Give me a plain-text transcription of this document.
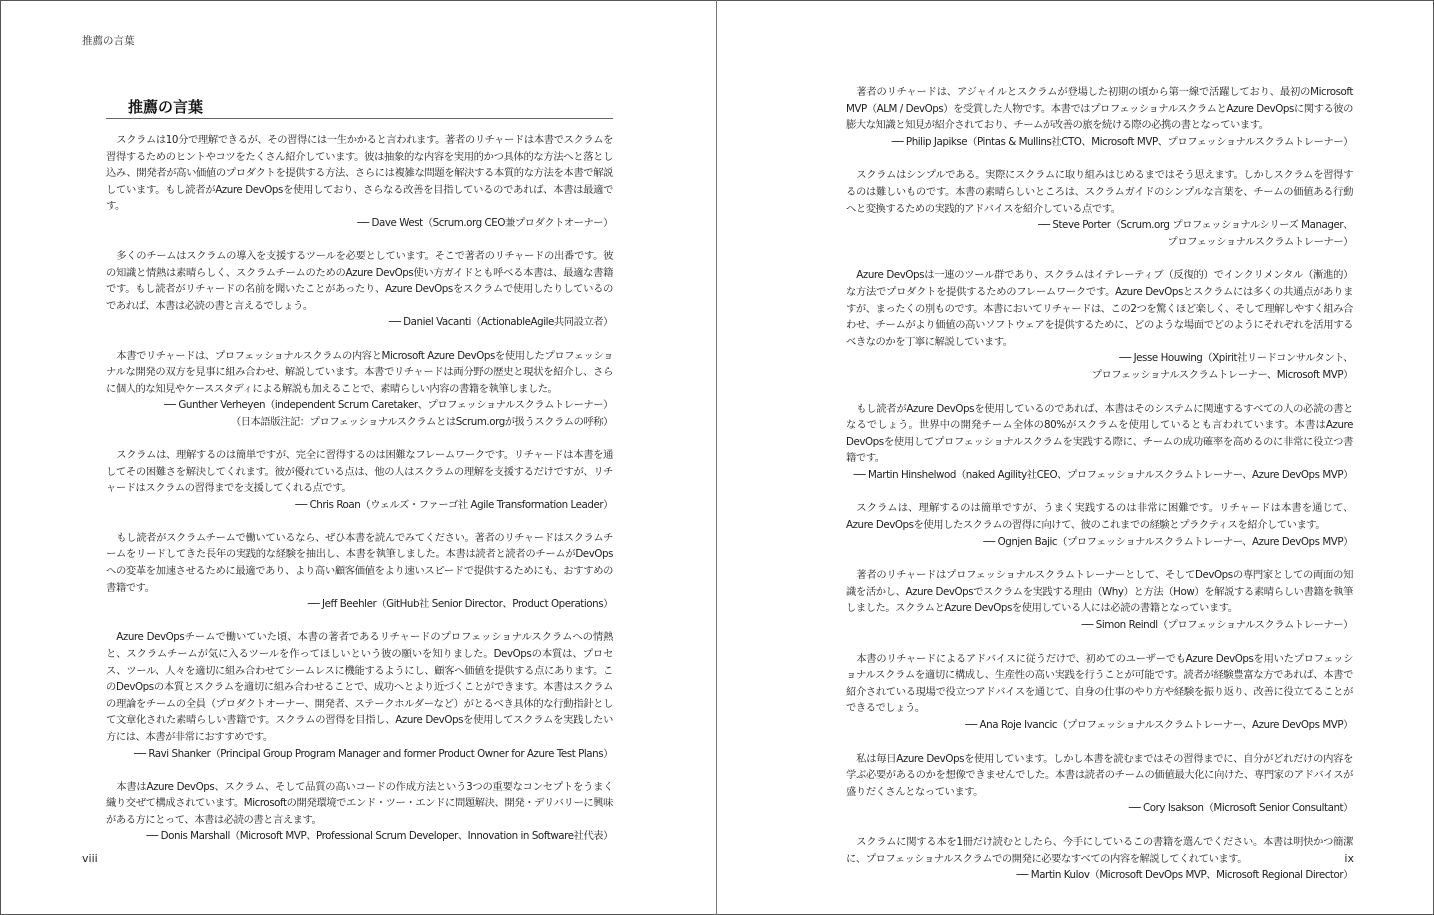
推薦の言葉
推薦の言葉

スクラムは10分で理解できるが、その習得には一生かかると言われます。著者のリチャードは本書でスクラムを習得するためのヒントやコツをたくさん紹介しています。彼は抽象的な内容を実用的かつ具体的な方法へと落とし込み、開発者が高い価値のプロダクトを提供する方法、さらには複雑な問題を解決する本質的な方法を本書で解説しています。もし読者がAzure DevOpsを使用しており、さらなる改善を目指しているのであれば、本書は最適です。

── Dave West（Scrum.org CEO兼プロダクトオーナー）

多くのチームはスクラムの導入を支援するツールを必要としています。そこで著者のリチャードの出番です。彼の知識と情熱は素晴らしく、スクラムチームのためのAzure DevOps使い方ガイドとも呼べる本書は、最適な書籍です。もし読者がリチャードの名前を聞いたことがあったり、Azure DevOpsをスクラムで使用したりしているのであれば、本書は必読の書と言えるでしょう。

── Daniel Vacanti（ActionableAgile共同設立者）

本書でリチャードは、プロフェッショナルスクラムの内容とMicrosoft Azure DevOpsを使用したプロフェッショナルな開発の双方を見事に組み合わせ、解説しています。本書でリチャードは両分野の歴史と現状を紹介し、さらに個人的な知見やケーススタディによる解説も加えることで、素晴らしい内容の書籍を執筆しました。

── Gunther Verheyen（independent Scrum Caretaker、プロフェッショナルスクラムトレーナー）

（日本語版注記：プロフェッショナルスクラムとはScrum.orgが扱うスクラムの呼称）

スクラムは、理解するのは簡単ですが、完全に習得するのは困難なフレームワークです。リチャードは本書を通してその困難さを解決してくれます。彼が優れている点は、他の人はスクラムの理解を支援するだけですが、リチャードはスクラムの習得までを支援してくれる点です。

── Chris Roan（ウェルズ・ファーゴ社 Agile Transformation Leader）

もし読者がスクラムチームで働いているなら、ぜひ本書を読んでみてください。著者のリチャードはスクラムチームをリードしてきた長年の実践的な経験を抽出し、本書を執筆しました。本書は読者と読者のチームがDevOpsへの変革を加速させるために最適であり、より高い顧客価値をより速いスピードで提供するためにも、おすすめの書籍です。

── Jeff Beehler（GitHub社 Senior Director、Product Operations）

Azure DevOpsチームで働いていた頃、本書の著者であるリチャードのプロフェッショナルスクラムへの情熱と、スクラムチームが気に入るツールを作ってほしいという彼の願いを知りました。DevOpsの本質は、プロセス、ツール、人々を適切に組み合わせてシームレスに機能するようにし、顧客へ価値を提供する点にあります。このDevOpsの本質とスクラムを適切に組み合わせることで、成功へとより近づくことができます。本書はスクラムの理論をチームの全員（プロダクトオーナー、開発者、ステークホルダーなど）がとるべき具体的な行動指針として文章化された素晴らしい書籍です。スクラムの習得を目指し、Azure DevOpsを使用してスクラムを実践したい方には、本書が非常におすすめです。

── Ravi Shanker（Principal Group Program Manager and former Product Owner for Azure Test Plans）

本書はAzure DevOps、スクラム、そして品質の高いコードの作成方法という3つの重要なコンセプトをうまく織り交ぜて構成されています。Microsoftの開発環境でエンド・ツー・エンドに問題解決、開発・デリバリーに興味がある方にとって、本書は必読の書と言えます。

── Donis Marshall（Microsoft MVP、Professional Scrum Developer、Innovation in Software社代表）

viii

著者のリチャードは、アジャイルとスクラムが登場した初期の頃から第一線で活躍しており、最初のMicrosoft MVP（ALM / DevOps）を受賞した人物です。本書ではプロフェッショナルスクラムとAzure DevOpsに関する彼の膨大な知識と知見が紹介されており、チームが改善の旅を続ける際の必携の書となっています。

── Philip Japikse（Pintas & Mullins社CTO、Microsoft MVP、プロフェッショナルスクラムトレーナー）

スクラムはシンプルである。実際にスクラムに取り組みはじめるまではそう思えます。しかしスクラムを習得するのは難しいものです。本書の素晴らしいところは、スクラムガイドのシンプルな言葉を、チームの価値ある行動へと変換するための実践的アドバイスを紹介している点です。

── Steve Porter（Scrum.org プロフェッショナルシリーズ Manager、

プロフェッショナルスクラムトレーナー）

Azure DevOpsは一連のツール群であり、スクラムはイテレーティブ（反復的）でインクリメンタル（漸進的）な方法でプロダクトを提供するためのフレームワークです。Azure DevOpsとスクラムには多くの共通点がありますが、まったくの別ものです。本書においてリチャードは、この2つを驚くほど楽しく、そして理解しやすく組み合わせ、チームがより価値の高いソフトウェアを提供するために、どのような場面でどのようにそれぞれを活用するべきなのかを丁寧に解説しています。

── Jesse Houwing（Xpirit社リードコンサルタント、

プロフェッショナルスクラムトレーナー、Microsoft MVP）

もし読者がAzure DevOpsを使用しているのであれば、本書はそのシステムに関連するすべての人の必読の書となるでしょう。世界中の開発チーム全体の80%がスクラムを使用しているとも言われています。本書はAzure DevOpsを使用してプロフェッショナルスクラムを実践する際に、チームの成功確率を高めるのに非常に役立つ書籍です。

── Martin Hinshelwod（naked Agility社CEO、プロフェッショナルスクラムトレーナー、Azure DevOps MVP）

スクラムは、理解するのは簡単ですが、うまく実践するのは非常に困難です。リチャードは本書を通じて、Azure DevOpsを使用したスクラムの習得に向けて、彼のこれまでの経験とプラクティスを紹介しています。

── Ognjen Bajic（プロフェッショナルスクラムトレーナー、Azure DevOps MVP）

著者のリチャードはプロフェッショナルスクラムトレーナーとして、そしてDevOpsの専門家としての両面の知識を活かし、Azure DevOpsでスクラムを実践する理由（Why）と方法（How）を解説する素晴らしい書籍を執筆しました。スクラムとAzure DevOpsを使用している人には必読の書籍となっています。

── Simon Reindl（プロフェッショナルスクラムトレーナー）

本書のリチャードによるアドバイスに従うだけで、初めてのユーザーでもAzure DevOpsを用いたプロフェッショナルスクラムを適切に構成し、生産性の高い実践を行うことが可能です。読者が経験豊富な方であれば、本書で紹介されている現場で役立つアドバイスを通じて、自身の仕事のやり方や経験を振り返り、改善に役立てることができるでしょう。

── Ana Roje Ivancic（プロフェッショナルスクラムトレーナー、Azure DevOps MVP）

私は毎日Azure DevOpsを使用しています。しかし本書を読むまではその習得までに、自分がどれだけの内容を学ぶ必要があるのかを想像できませんでした。本書は読者のチームの価値最大化に向けた、専門家のアドバイスが盛りだくさんとなっています。

── Cory Isakson（Microsoft Senior Consultant）

スクラムに関する本を1冊だけ読むとしたら、今手にしているこの書籍を選んでください。本書は明快かつ簡潔に、プロフェッショナルスクラムでの開発に必要なすべての内容を解説してくれています。

── Martin Kulov（Microsoft DevOps MVP、Microsoft Regional Director）

ix
